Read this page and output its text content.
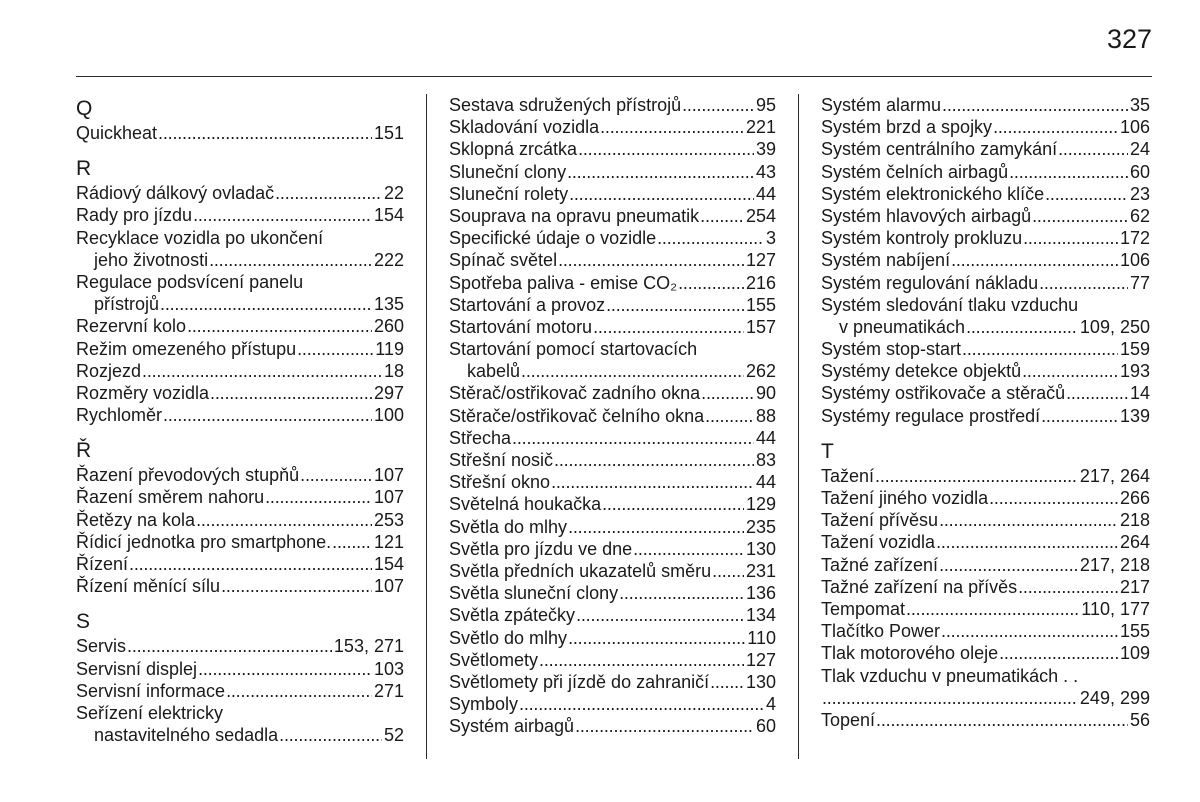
327
Q
Quickheat . . .	151
R
Rádiový dálkový ovladač . . .	22
Rady pro jízdu . . .	154
Recyklace vozidla po ukončení
jeho životnosti . . .	222
Regulace podsvícení panelu
přístrojů . . .	135
Rezervní kolo . . .	260
Režim omezeného přístupu . . .	119
Rozjezd . . .	18
Rozměry vozidla . . .	297
Rychloměr . . .	100
Ř
Řazení převodových stupňů . . .	107
Řazení směrem nahoru . . .	107
Řetězy na kola . . .	253
Řídicí jednotka pro smartphone. . . . 121
Řízení . . .	154
Řízení měnící sílu . . .	107
S
Servis . . .	153, 271
Servisní displej . . .	103
Servisní informace . . .	271
Seřízení elektricky
nastavitelného sedadla . . .	52
Sestava sdružených přístrojů . . .	95
Skladování vozidla . . .	221
Sklopná zrcátka . . .	39
Sluneční clony . . .	43
Sluneční rolety . . .	44
Souprava na opravu pneumatik . . .	254
Specifické údaje o vozidle . . .	3
Spínač světel . . .	127
Spotřeba paliva - emise CO₂ . . .	216
Startování a provoz . . .	155
Startování motoru . . .	157
Startování pomocí startovacích
kabelů . . .	262
Stěrač/ostřikovač zadního okna . . .	90
Stěrače/ostřikovač čelního okna . . .	88
Střecha . . .	44
Střešní nosič . . .	83
Střešní okno . . .	44
Světelná houkačka . . .	129
Světla do mlhy . . .	235
Světla pro jízdu ve dne . . .	130
Světla předních ukazatelů směru . . . 231
Světla sluneční clony . . .	136
Světla zpátečky . . .	134
Světlo do mlhy . . .	110
Světlomety . . .	127
Světlomety při jízdě do zahraničí . . . 130
Symboly . . .	4
Systém airbagů . . .	60
Systém alarmu . . .	35
Systém brzd a spojky . . .	106
Systém centrálního zamykání . . .	24
Systém čelních airbagů . . .	60
Systém elektronického klíče . . .	23
Systém hlavových airbagů . . .	62
Systém kontroly prokluzu . . .	172
Systém nabíjení . . .	106
Systém regulování nákladu . . .	77
Systém sledování tlaku vzduchu
v pneumatikách . . .	109, 250
Systém stop-start . . .	159
Systémy detekce objektů . . .	193
Systémy ostřikovače a stěračů . . .	14
Systémy regulace prostředí . . .	139
T
Tažení . . .	217, 264
Tažení jiného vozidla . . .	266
Tažení přívěsu . . .	218
Tažení vozidla . . .	264
Tažné zařízení . . .	217, 218
Tažné zařízení na přívěs . . .	217
Tempomat . . .	110, 177
Tlačítko Power . . .	155
Tlak motorového oleje . . .	109
Tlak vzduchu v pneumatikách . .
. . .
249, 299
Topení . . .	56
